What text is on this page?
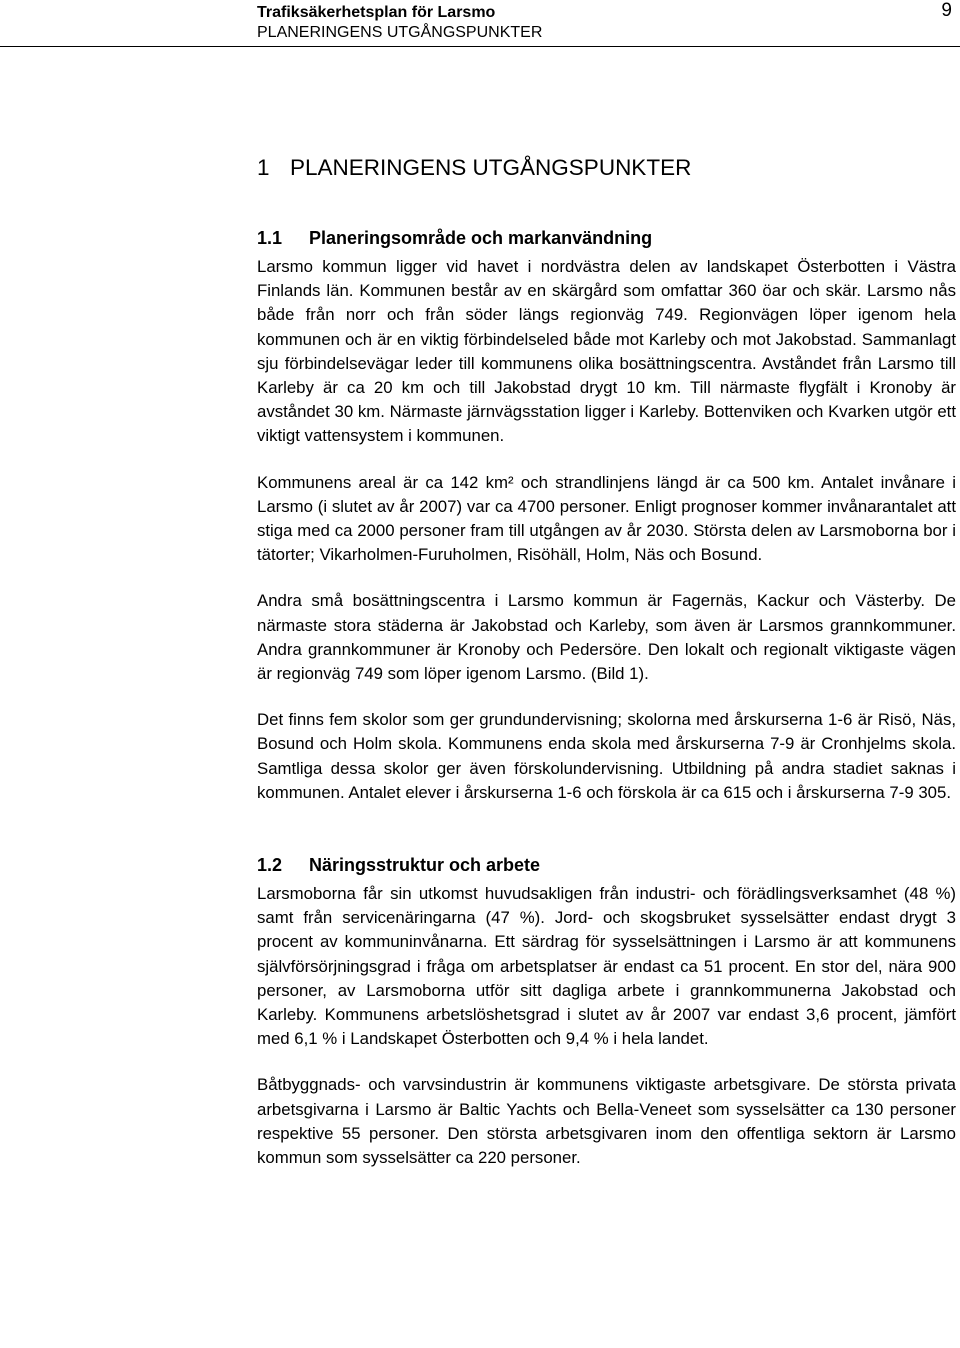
Trafiksäkerhetsplan för Larsmo
PLANERINGENS UTGÅNGSPUNKTER
9
1 PLANERINGENS UTGÅNGSPUNKTER
1.1 Planeringsområde och markanvändning

Larsmo kommun ligger vid havet i nordvästra delen av landskapet Österbotten i Västra Finlands län. Kommunen består av en skärgård som omfattar 360 öar och skär. Larsmo nås både från norr och från söder längs regionväg 749. Regionvägen löper igenom hela kommunen och är en viktig förbindelseled både mot Karleby och mot Jakobstad. Sammanlagt sju förbindelsevägar leder till kommunens olika bosättningscentra. Avståndet från Larsmo till Karleby är ca 20 km och till Jakobstad drygt 10 km. Till närmaste flygfält i Kronoby är avståndet 30 km. Närmaste järnvägsstation ligger i Karleby. Bottenviken och Kvarken utgör ett viktigt vattensystem i kommunen.

Kommunens areal är ca 142 km² och strandlinjens längd är ca 500 km. Antalet invånare i Larsmo (i slutet av år 2007) var ca 4700 personer. Enligt prognoser kommer invånarantalet att stiga med ca 2000 personer fram till utgången av år 2030. Största delen av Larsmoborna bor i tätorter; Vikarholmen-Furuholmen, Risöhäll, Holm, Näs och Bosund.

Andra små bosättningscentra i Larsmo kommun är Fagernäs, Kackur och Västerby. De närmaste stora städerna är Jakobstad och Karleby, som även är Larsmos grannkommuner. Andra grannkommuner är Kronoby och Pedersöre. Den lokalt och regionalt viktigaste vägen är regionväg 749 som löper igenom Larsmo. (Bild 1).

Det finns fem skolor som ger grundundervisning; skolorna med årskurserna 1-6 är Risö, Näs, Bosund och Holm skola. Kommunens enda skola med årskurserna 7-9 är Cronhjelms skola. Samtliga dessa skolor ger även förskolundervisning. Utbildning på andra stadiet saknas i kommunen. Antalet elever i årskurserna 1-6 och förskola är ca 615 och i årskurserna 7-9 305.

1.2 Näringsstruktur och arbete

Larsmoborna får sin utkomst huvudsakligen från industri- och förädlingsverksamhet (48 %) samt från servicenäringarna (47 %). Jord- och skogsbruket sysselsätter endast drygt 3 procent av kommuninvånarna. Ett särdrag för sysselsättningen i Larsmo är att kommunens självförsörjningsgrad i fråga om arbetsplatser är endast ca 51 procent. En stor del, nära 900 personer, av Larsmoborna utför sitt dagliga arbete i grannkommunerna Jakobstad och Karleby. Kommunens arbetslöshetsgrad i slutet av år 2007 var endast 3,6 procent, jämfört med 6,1 % i Landskapet Österbotten och 9,4 % i hela landet.

Båtbyggnads- och varvsindustrin är kommunens viktigaste arbetsgivare. De största privata arbetsgivarna i Larsmo är Baltic Yachts och Bella-Veneet som sysselsätter ca 130 personer respektive 55 personer. Den största arbetsgivaren inom den offentliga sektorn är Larsmo kommun som sysselsätter ca 220 personer.
